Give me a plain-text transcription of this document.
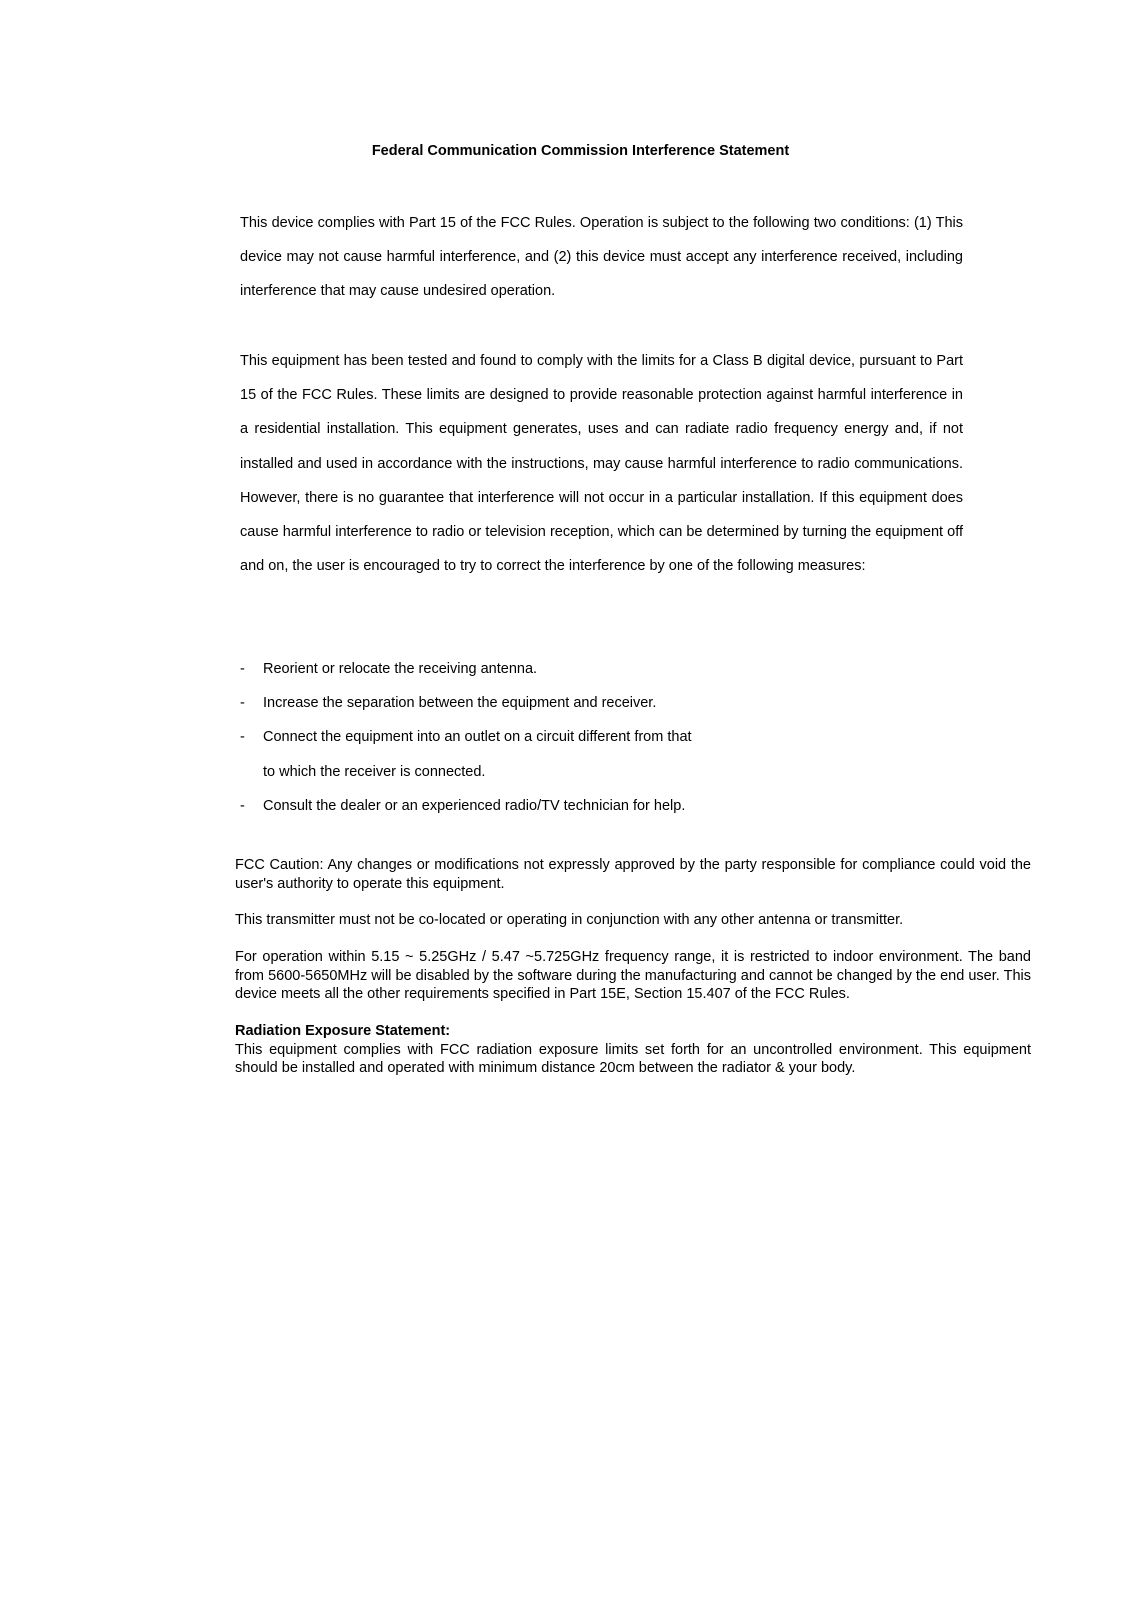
Federal Communication Commission Interference Statement

This device complies with Part 15 of the FCC Rules. Operation is subject to the following two conditions: (1) This device may not cause harmful interference, and (2) this device must accept any interference received, including interference that may cause undesired operation.

This equipment has been tested and found to comply with the limits for a Class B digital device, pursuant to Part 15 of the FCC Rules. These limits are designed to provide reasonable protection against harmful interference in a residential installation. This equipment generates, uses and can radiate radio frequency energy and, if not installed and used in accordance with the instructions, may cause harmful interference to radio communications. However, there is no guarantee that interference will not occur in a particular installation. If this equipment does cause harmful interference to radio or television reception, which can be determined by turning the equipment off and on, the user is encouraged to try to correct the interference by one of the following measures:

- Reorient or relocate the receiving antenna.
- Increase the separation between the equipment and receiver.
- Connect the equipment into an outlet on a circuit different from that
to which the receiver is connected.
- Consult the dealer or an experienced radio/TV technician for help.

FCC Caution: Any changes or modifications not expressly approved by the party responsible for compliance could void the user's authority to operate this equipment.

This transmitter must not be co-located or operating in conjunction with any other antenna or transmitter.

For operation within 5.15 ~ 5.25GHz / 5.47 ~5.725GHz frequency range, it is restricted to indoor environment. The band from 5600-5650MHz will be disabled by the software during the manufacturing and cannot be changed by the end user. This device meets all the other requirements specified in Part 15E, Section 15.407 of the FCC Rules.

Radiation Exposure Statement:

This equipment complies with FCC radiation exposure limits set forth for an uncontrolled environment. This equipment should be installed and operated with minimum distance 20cm between the radiator & your body.
